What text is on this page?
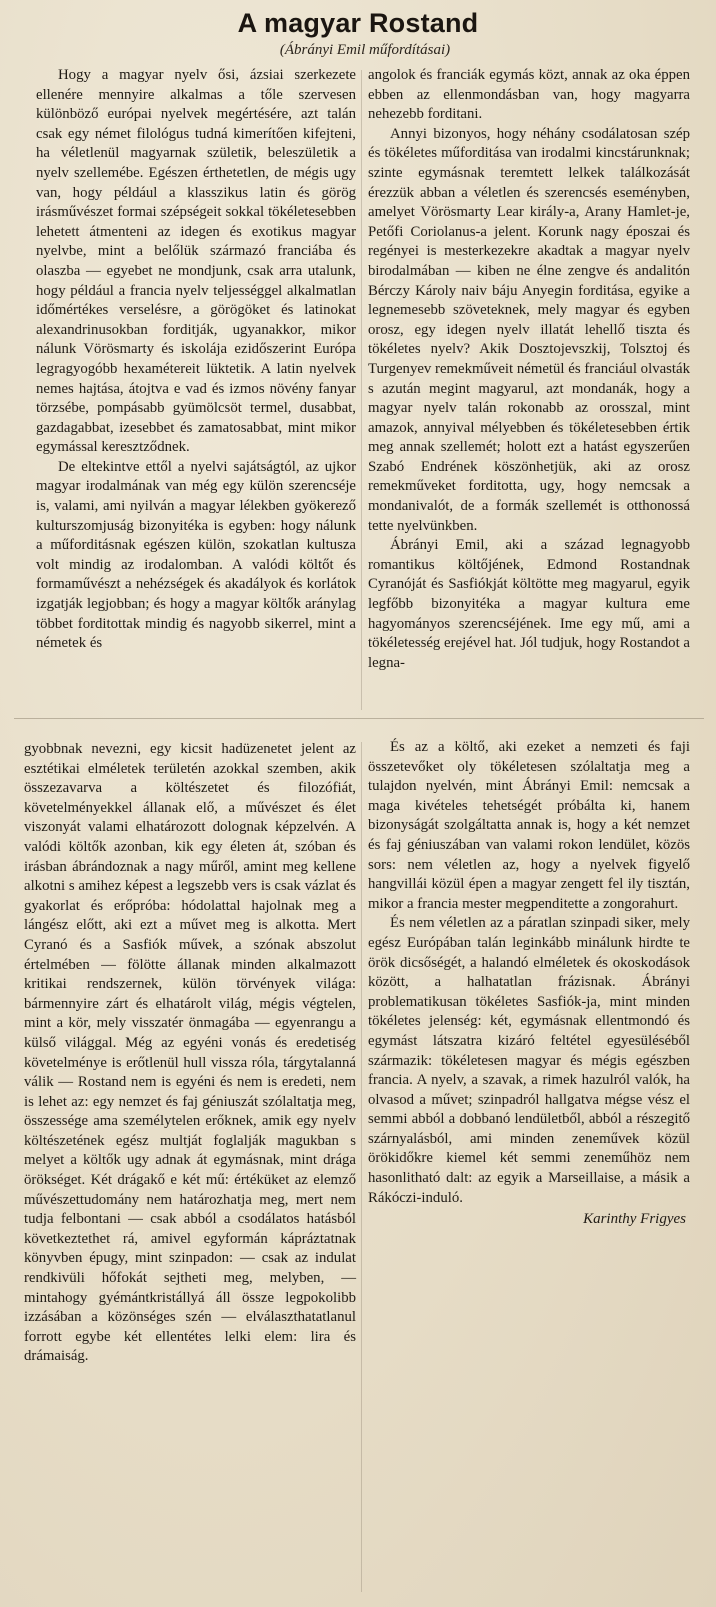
A magyar Rostand
(Ábrányi Emil műfordításai)

Hogy a magyar nyelv ősi, ázsiai szerkezete ellenére mennyire alkalmas a tőle szervesen különböző európai nyelvek megértésére, azt talán csak egy német filológus tudná kimerítően kifejteni, ha véletlenül magyarnak születik, beleszületik a nyelv szellemébe. Egészen érthetetlen, de mégis ugy van, hogy például a klasszikus latin és görög irásművészet formai szépségeit sokkal tökéletesebben lehetett átmenteni az idegen és exotikus magyar nyelvbe, mint a belőlük származó franciába és olaszba — egyebet ne mondjunk, csak arra utalunk, hogy például a francia nyelv teljességgel alkalmatlan időmértékes verselésre, a görögöket és latinokat alexandrinusokban forditják, ugyanakkor, mikor nálunk Vörösmarty és iskolája ezidőszerint Európa legragyogóbb hexamétereit lüktetik. A latin nyelvek nemes hajtása, átojtva e vad és izmos növény fanyar törzsébe, pompásabb gyümölcsöt termel, dusabbat, gazdagabbat, izesebbet és zamatosabbat, mint mikor egymással keresztződnek.

De eltekintve ettől a nyelvi sajátságtól, az ujkor magyar irodalmának van még egy külön szerencséje is, valami, ami nyilván a magyar lélekben gyökerező kulturszomjuság bizonyitéka is egyben: hogy nálunk a műforditásnak egészen külön, szokatlan kultusza volt mindig az irodalomban. A valódi költőt és formaművészt a nehézségek és akadályok és korlátok izgatják legjobban; és hogy a magyar költők aránylag többet forditottak mindig és nagyobb sikerrel, mint a németek és

angolok és franciák egymás közt, annak az oka éppen ebben az ellenmondásban van, hogy magyarra nehezebb forditani.

Annyi bizonyos, hogy néhány csodálatosan szép és tökéletes műforditása van irodalmi kincstárunknak; szinte egymásnak teremtett lelkek találkozását érezzük abban a véletlen és szerencsés eseményben, amelyet Vörösmarty Lear király-a, Arany Hamlet-je, Petőfi Coriolanus-a jelent. Korunk nagy époszai és regényei is mesterkezekre akadtak a magyar nyelv birodalmában — kiben ne élne zengve és andalitón Bérczy Károly naiv báju Anyegin forditása, egyike a legnemesebb szöveteknek, mely magyar és egyben orosz, egy idegen nyelv illatát lehellő tiszta és tökéletes nyelv? Akik Dosztojevszkij, Tolsztoj és Turgenyev remekműveit németül és franciául olvasták s azután megint magyarul, azt mondanák, hogy a magyar nyelv talán rokonabb az orosszal, mint amazok, annyival mélyebben és tökéletesebben értik meg annak szellemét; holott ezt a hatást egyszerűen Szabó Endrének köszönhetjük, aki az orosz remekműveket forditotta, ugy, hogy nemcsak a mondanivalót, de a formák szellemét is otthonossá tette nyelvünkben.

Ábrányi Emil, aki a század legnagyobb romantikus költőjének, Edmond Rostandnak Cyranóját és Sasfiókját költötte meg magyarul, egyik legfőbb bizonyitéka a magyar kultura eme hagyományos szerencséjének. Ime egy mű, ami a tökéletesség erejével hat. Jól tudjuk, hogy Rostandot a legna-

gyobbnak nevezni, egy kicsit hadüzenetet jelent az esztétikai elméletek területén azokkal szemben, akik összezavarva a költészetet és filozófiát, követelményekkel állanak elő, a művészet és élet viszonyát valami elhatározott dolognak képzelvén. A valódi költők azonban, kik egy életen át, szóban és irásban ábrándoznak a nagy műről, amint meg kellene alkotni s amihez képest a legszebb vers is csak vázlat és gyakorlat és erőpróba: hódolattal hajolnak meg a lángész előtt, aki ezt a művet meg is alkotta. Mert Cyranó és a Sasfiók művek, a szónak abszolut értelmében — fölötte állanak minden alkalmazott kritikai rendszernek, külön törvények világa: bármennyire zárt és elhatárolt világ, mégis végtelen, mint a kör, mely visszatér önmagába — egyenrangu a külső világgal. Még az egyéni vonás és eredetiség követelménye is erőtlenül hull vissza róla, tárgytalanná válik — Rostand nem is egyéni és nem is eredeti, nem is lehet az: egy nemzet és faj géniuszát szólaltatja meg, összessége ama személytelen erőknek, amik egy nyelv költészetének egész multját foglalják magukban s melyet a költők ugy adnak át egymásnak, mint drága örökséget. Két drágakő e két mű: értéküket az elemző művészettudomány nem határozhatja meg, mert nem tudja felbontani — csak abból a csodálatos hatásból következtethet rá, amivel egyformán kápráztatnak könyvben épugy, mint szinpadon: — csak az indulat rendkivüli hőfokát sejtheti meg, melyben, — mintahogy gyémántkristállyá áll össze legpokolibb izzásában a közönséges szén — elválaszthatatlanul forrott egybe két ellentétes lelki elem: lira és drámaiság.

És az a költő, aki ezeket a nemzeti és faji összetevőket oly tökéletesen szólaltatja meg a tulajdon nyelvén, mint Ábrányi Emil: nemcsak a maga kivételes tehetségét próbálta ki, hanem bizonyságát szolgáltatta annak is, hogy a két nemzet és faj géniuszában van valami rokon lendület, közös sors: nem véletlen az, hogy a nyelvek figyelő hangvillái közül épen a magyar zengett fel ily tisztán, mikor a francia mester megpenditette a zongorahurt.

És nem véletlen az a páratlan szinpadi siker, mely egész Európában talán leginkább minálunk hirdte te örök dicsőségét, a halandó elméletek és okoskodások között, a halhatatlan frázisnak. Ábrányi problematikusan tökéletes Sasfiók-ja, mint minden tökéletes jelenség: két, egymásnak ellentmondó és egymást látszatra kizáró feltétel egyesüléséből származik: tökéletesen magyar és mégis egészben francia. A nyelv, a szavak, a rimek hazulról valók, ha olvasod a művet; szinpadról hallgatva mégse vész el semmi abból a dobbanó lendületből, abból a részegitő szárnyalásból, ami minden zeneművek közül örökidőkre kiemel két semmi zeneműhöz nem hasonlitható dalt: az egyik a Marseillaise, a másik a Rákóczi-induló.

Karinthy Frigyes
